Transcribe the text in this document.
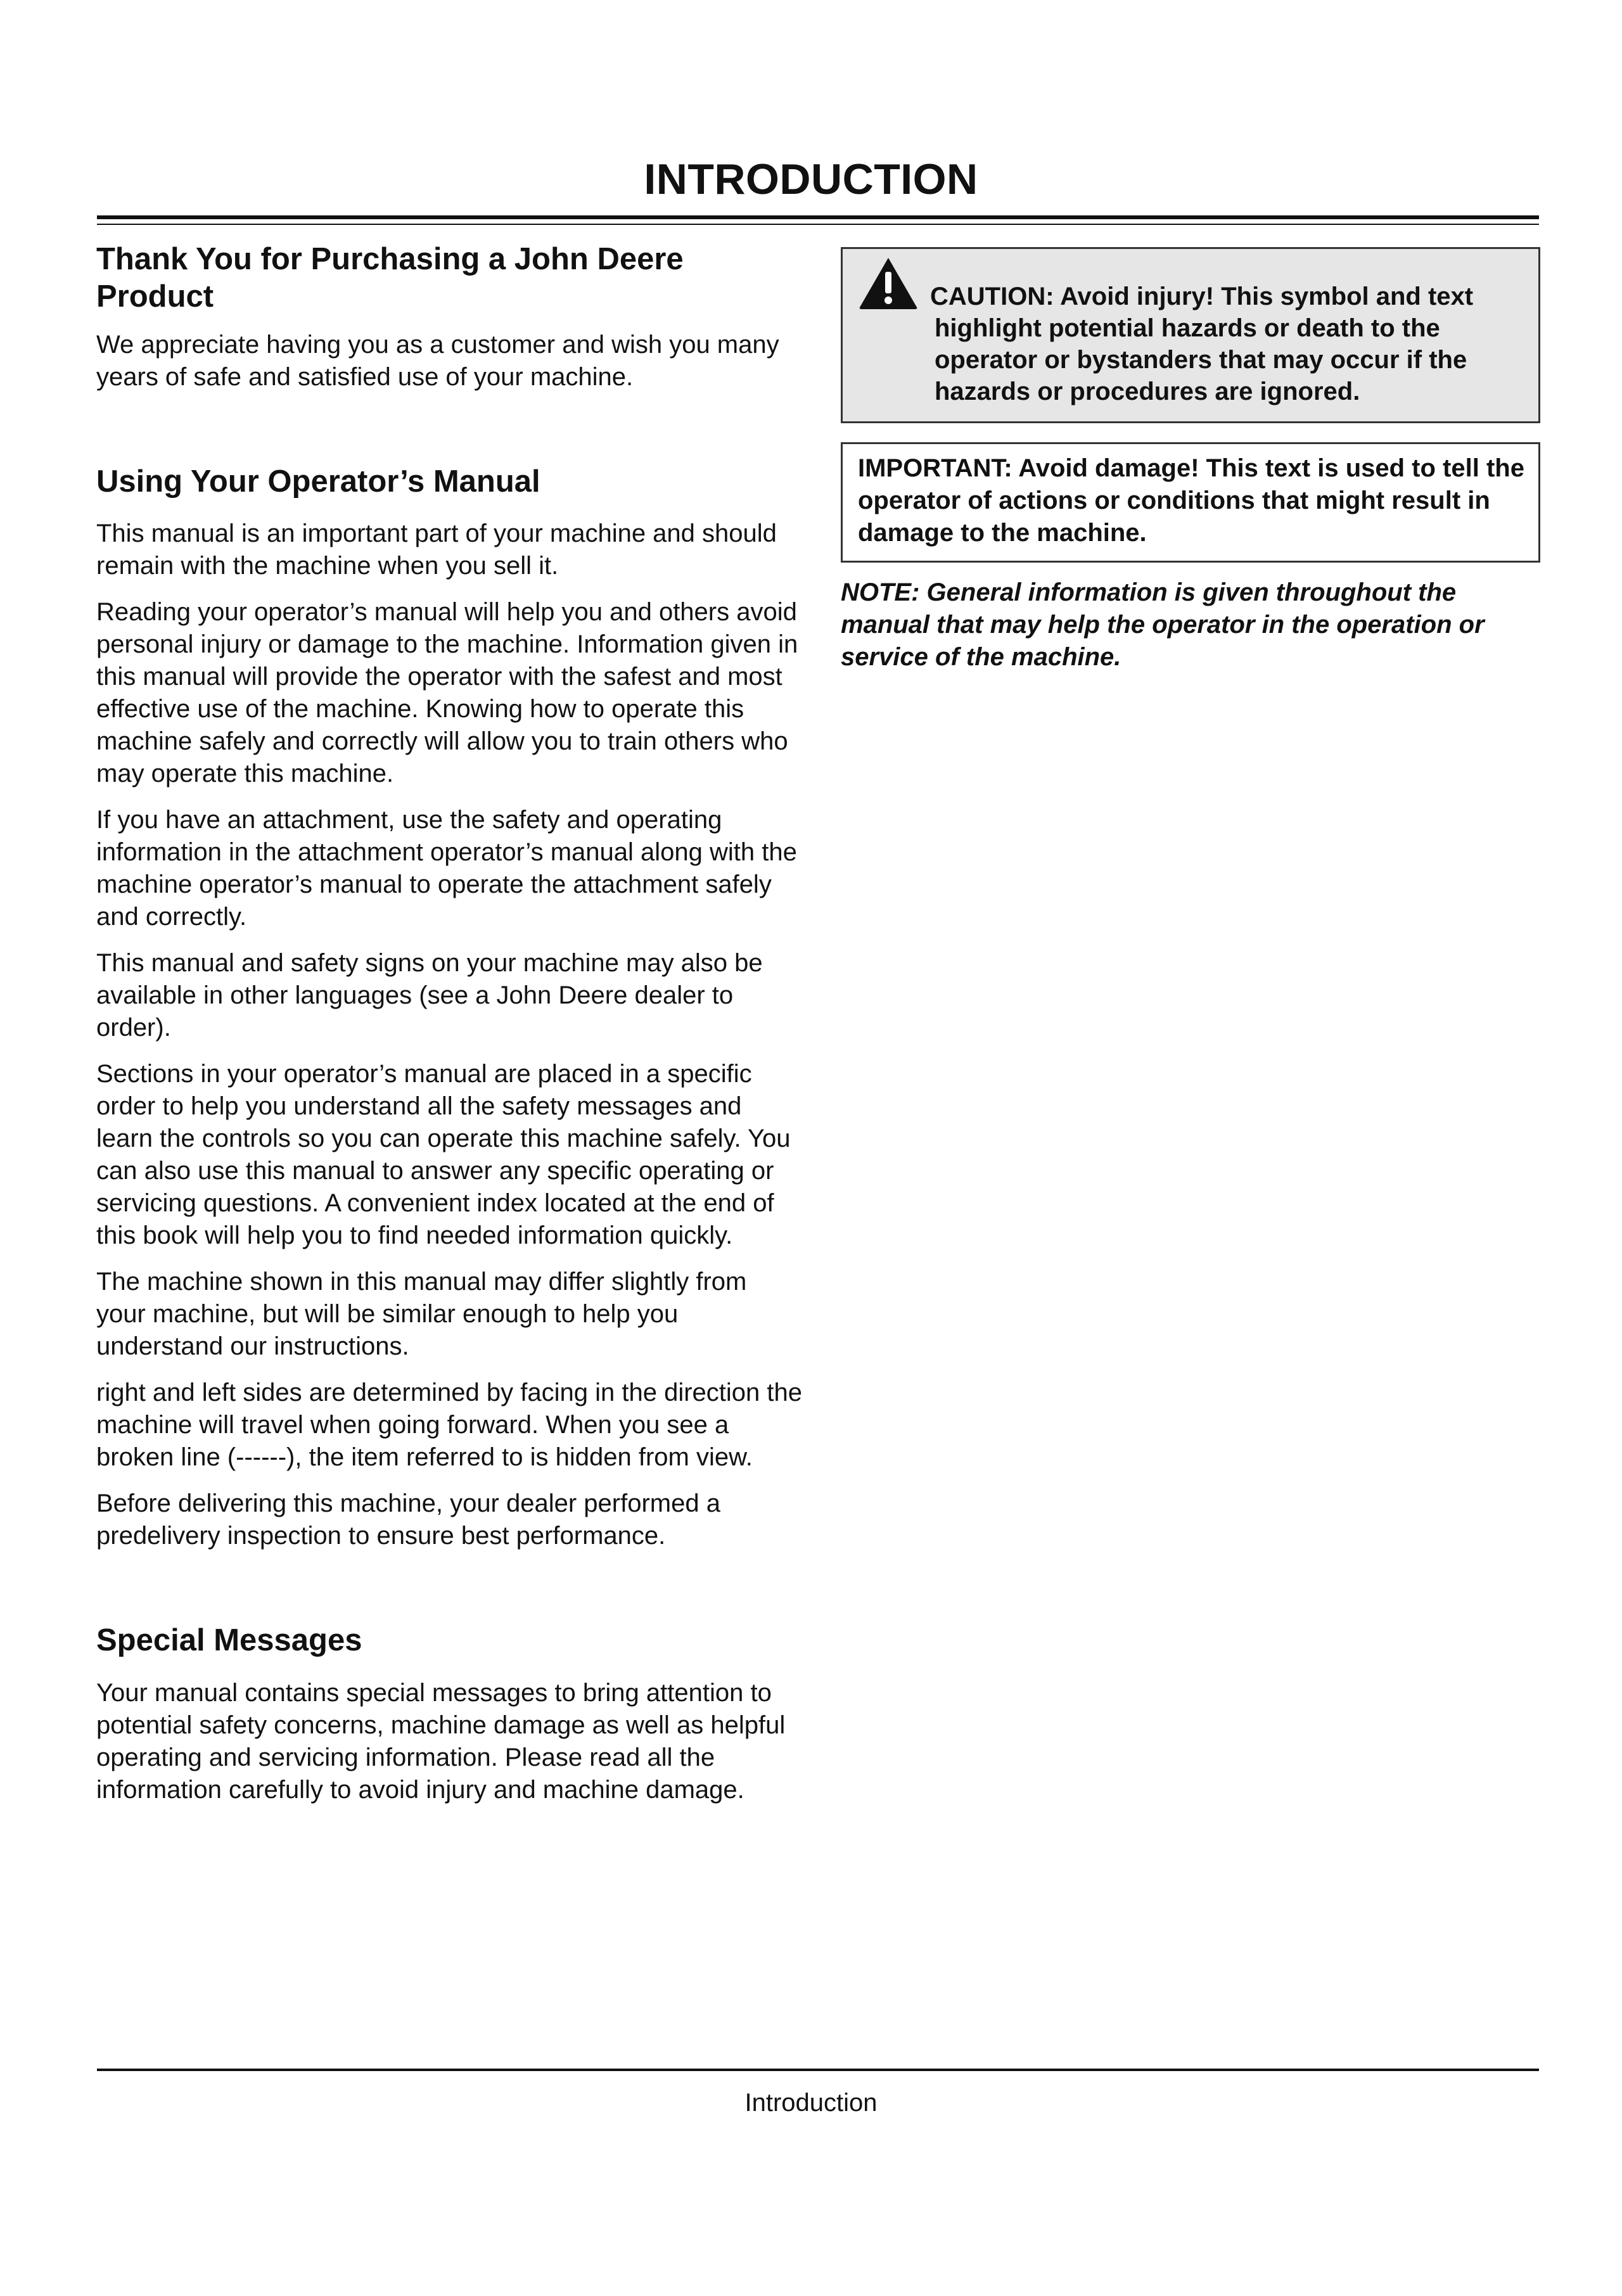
INTRODUCTION
Thank You for Purchasing a John Deere Product

We appreciate having you as a customer and wish you many years of safe and satisfied use of your machine.

Using Your Operator’s Manual

This manual is an important part of your machine and should remain with the machine when you sell it.

Reading your operator’s manual will help you and others avoid personal injury or damage to the machine. Information given in this manual will provide the operator with the safest and most effective use of the machine. Knowing how to operate this machine safely and correctly will allow you to train others who may operate this machine.

If you have an attachment, use the safety and operating information in the attachment operator’s manual along with the machine operator’s manual to operate the attachment safely and correctly.

This manual and safety signs on your machine may also be available in other languages (see a John Deere dealer to order).

Sections in your operator’s manual are placed in a specific order to help you understand all the safety messages and learn the controls so you can operate this machine safely. You can also use this manual to answer any specific operating or servicing questions. A convenient index located at the end of this book will help you to find needed information quickly.

The machine shown in this manual may differ slightly from your machine, but will be similar enough to help you understand our instructions.

right and left sides are determined by facing in the direction the machine will travel when going forward. When you see a broken line (------), the item referred to is hidden from view.

Before delivering this machine, your dealer performed a predelivery inspection to ensure best performance.

Special Messages

Your manual contains special messages to bring attention to potential safety concerns, machine damage as well as helpful operating and servicing information. Please read all the information carefully to avoid injury and machine damage.

CAUTION: Avoid injury! This symbol and text

highlight potential hazards or death to the operator or bystanders that may occur if the hazards or procedures are ignored.

IMPORTANT: Avoid damage! This text is used to tell the operator of actions or conditions that might result in damage to the machine.

NOTE: General information is given throughout the manual that may help the operator in the operation or service of the machine.

Introduction
